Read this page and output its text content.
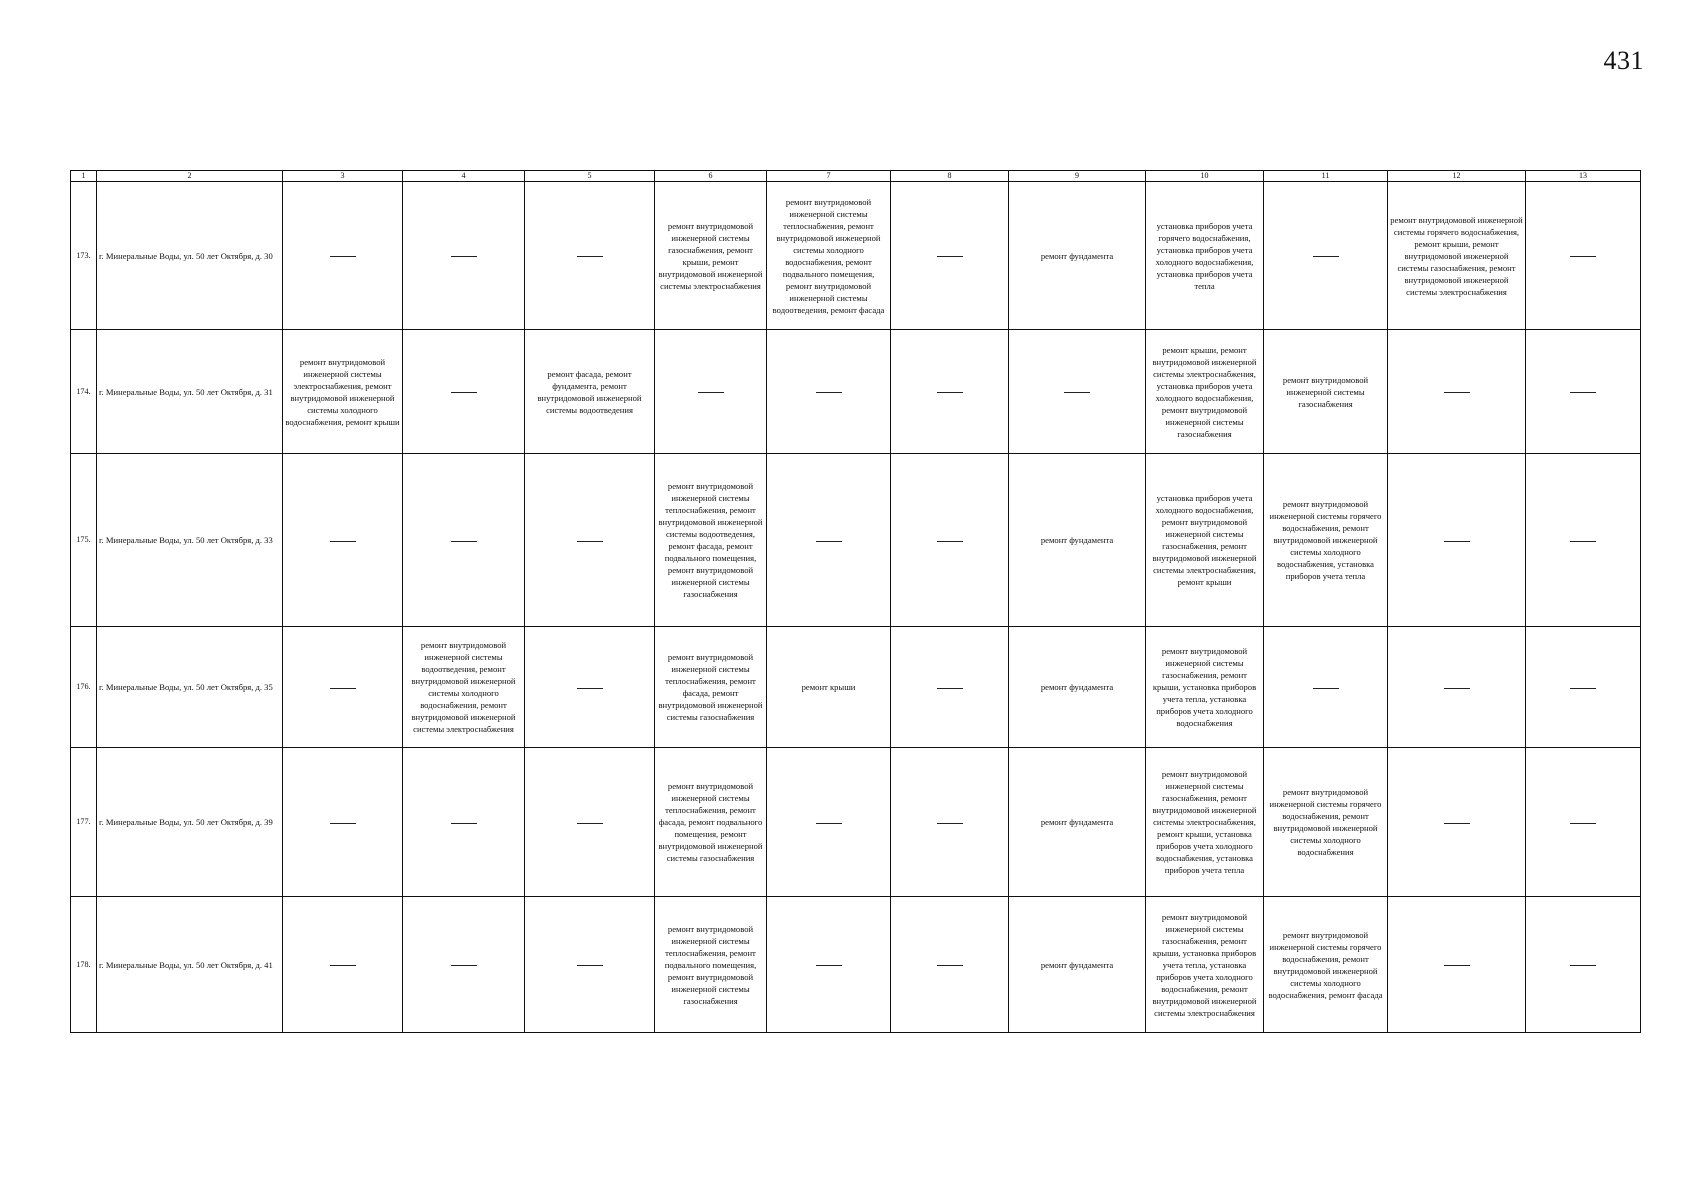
431
1	2	3	4	5	6	7	8	9	10	11	12	13
173.	г. Минеральные Воды, ул. 50 лет Октября, д. 30				ремонт внутридомовой инженерной системы газоснабжения, ремонт крыши, ремонт внутридомовой инженерной системы электроснабжения	ремонт внутридомовой инженерной системы теплоснабжения, ремонт внутридомовой инженерной системы холодного водоснабжения, ремонт подвального помещения, ремонт внутридомовой инженерной системы водоотведения, ремонт фасада		ремонт фундамента	установка приборов учета горячего водоснабжения, установка приборов учета холодного водоснабжения, установка приборов учета тепла		ремонт внутридомовой инженерной системы горячего водоснабжения, ремонт крыши, ремонт внутридомовой инженерной системы газоснабжения, ремонт внутридомовой инженерной системы электроснабжения	
174.	г. Минеральные Воды, ул. 50 лет Октября, д. 31	ремонт внутридомовой инженерной системы электроснабжения, ремонт внутридомовой инженерной системы холодного водоснабжения, ремонт крыши		ремонт фасада, ремонт фундамента, ремонт внутридомовой инженерной системы водоотведения					ремонт крыши, ремонт внутридомовой инженерной системы электроснабжения, установка приборов учета холодного водоснабжения, ремонт внутридомовой инженерной системы газоснабжения	ремонт внутридомовой инженерной системы газоснабжения		
175.	г. Минеральные Воды, ул. 50 лет Октября, д. 33				ремонт внутридомовой инженерной системы теплоснабжения, ремонт внутридомовой инженерной системы водоотведения, ремонт фасада, ремонт подвального помещения, ремонт внутридомовой инженерной системы газоснабжения			ремонт фундамента	установка приборов учета холодного водоснабжения, ремонт внутридомовой инженерной системы газоснабжения, ремонт внутридомовой инженерной системы электроснабжения, ремонт крыши	ремонт внутридомовой инженерной системы горячего водоснабжения, ремонт внутридомовой инженерной системы холодного водоснабжения, установка приборов учета тепла		
176.	г. Минеральные Воды, ул. 50 лет Октября, д. 35		ремонт внутридомовой инженерной системы водоотведения, ремонт внутридомовой инженерной системы холодного водоснабжения, ремонт внутридомовой инженерной системы электроснабжения		ремонт внутридомовой инженерной системы теплоснабжения, ремонт фасада, ремонт внутридомовой инженерной системы газоснабжения	ремонт крыши		ремонт фундамента	ремонт внутридомовой инженерной системы газоснабжения, ремонт крыши, установка приборов учета тепла, установка приборов учета холодного водоснабжения			
177.	г. Минеральные Воды, ул. 50 лет Октября, д. 39				ремонт внутридомовой инженерной системы теплоснабжения, ремонт фасада, ремонт подвального помещения, ремонт внутридомовой инженерной системы газоснабжения			ремонт фундамента	ремонт внутридомовой инженерной системы газоснабжения, ремонт внутридомовой инженерной системы электроснабжения, ремонт крыши, установка приборов учета холодного водоснабжения, установка приборов учета тепла	ремонт внутридомовой инженерной системы горячего водоснабжения, ремонт внутридомовой инженерной системы холодного водоснабжения		
178.	г. Минеральные Воды, ул. 50 лет Октября, д. 41				ремонт внутридомовой инженерной системы теплоснабжения, ремонт подвального помещения, ремонт внутридомовой инженерной системы газоснабжения			ремонт фундамента	ремонт внутридомовой инженерной системы газоснабжения, ремонт крыши, установка приборов учета тепла, установка приборов учета холодного водоснабжения, ремонт внутридомовой инженерной системы электроснабжения	ремонт внутридомовой инженерной системы горячего водоснабжения, ремонт внутридомовой инженерной системы холодного водоснабжения, ремонт фасада		
